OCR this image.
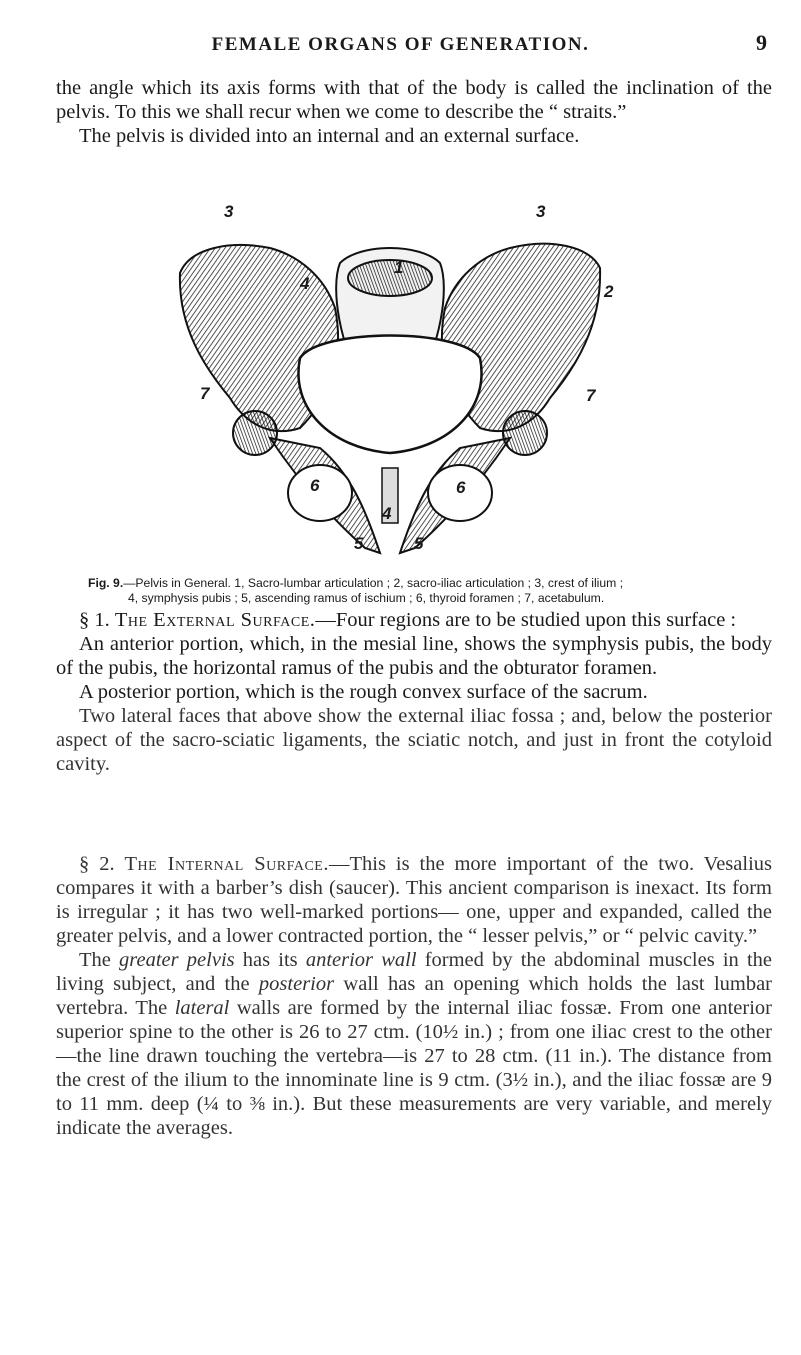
FEMALE ORGANS OF GENERATION.	9

the angle which its axis forms with that of the body is called the inclination of the pelvis. To this we shall recur when we come to describe the “ straits.”

The pelvis is divided into an internal and an external surface.

3	3
1
4	2
7	7
6	6
4
5	5
Fig. 9.—Pelvis in General. 1, Sacro-lumbar articulation ; 2, sacro-iliac articulation ; 3, crest of ilium ;
4, symphysis pubis ; 5, ascending ramus of ischium ; 6, thyroid foramen ; 7, acetabulum.

§ 1. The External Surface.—Four regions are to be studied upon this surface :

An anterior portion, which, in the mesial line, shows the symphysis pubis, the body of the pubis, the horizontal ramus of the pubis and the obturator foramen.

A posterior portion, which is the rough convex surface of the sacrum.

Two lateral faces that above show the external iliac fossa ; and, below the posterior aspect of the sacro-sciatic ligaments, the sciatic notch, and just in front the cotyloid cavity.

§ 2. The Internal Surface.—This is the more important of the two. Vesalius compares it with a barber’s dish (saucer). This ancient comparison is inexact. Its form is irregular ; it has two well-marked portions— one, upper and expanded, called the greater pelvis, and a lower contracted portion, the “ lesser pelvis,” or “ pelvic cavity.”

The greater pelvis has its anterior wall formed by the abdominal muscles in the living subject, and the posterior wall has an opening which holds the last lumbar vertebra. The lateral walls are formed by the internal iliac fossæ. From one anterior superior spine to the other is 26 to 27 ctm. (10½ in.) ; from one iliac crest to the other—the line drawn touching the vertebra—is 27 to 28 ctm. (11 in.). The distance from the crest of the ilium to the innominate line is 9 ctm. (3½ in.), and the iliac fossæ are 9 to 11 mm. deep (¼ to ⅜ in.). But these measurements are very variable, and merely indicate the averages.
